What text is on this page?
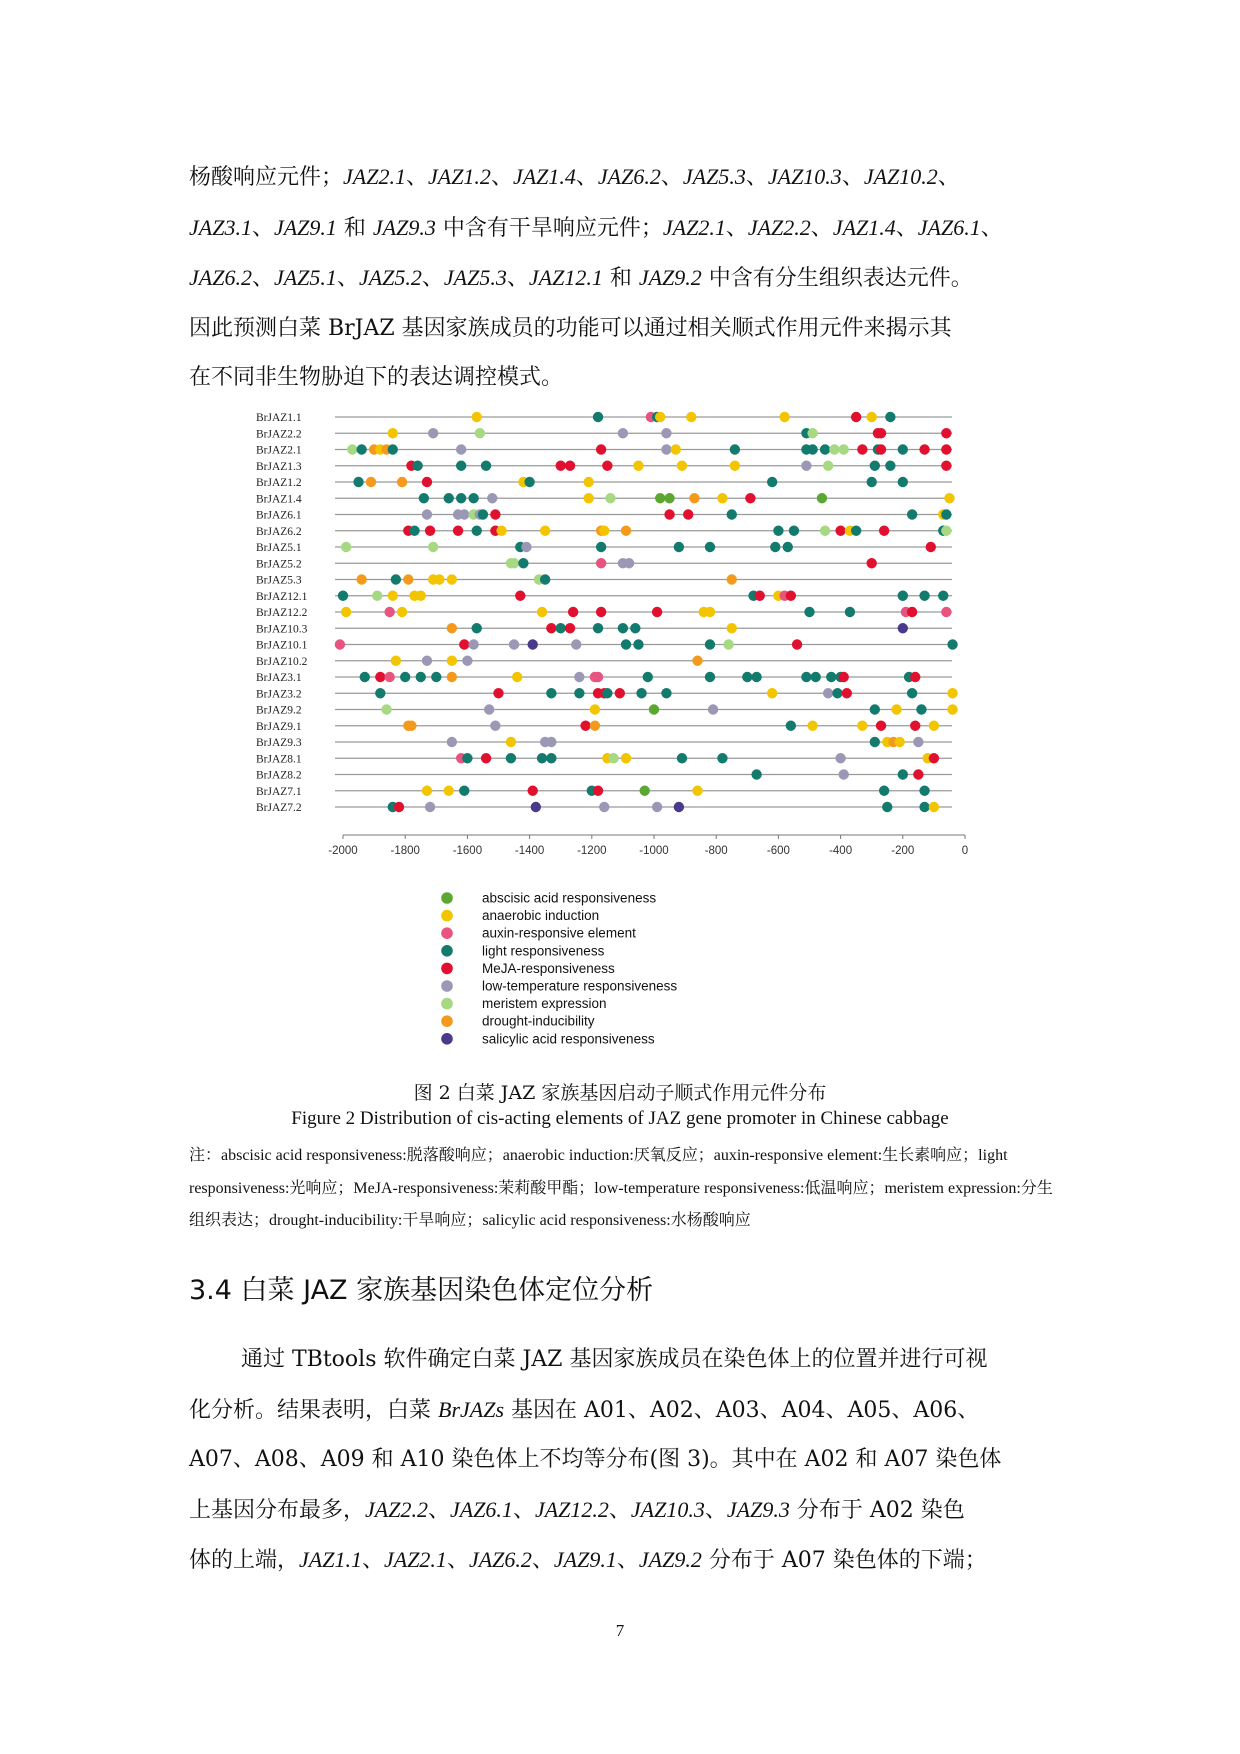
杨酸响应元件；JAZ2.1、JAZ1.2、JAZ1.4、JAZ6.2、JAZ5.3、JAZ10.3、JAZ10.2、
JAZ3.1、JAZ9.1 和 JAZ9.3 中含有干旱响应元件；JAZ2.1、JAZ2.2、JAZ1.4、JAZ6.1、
JAZ6.2、JAZ5.1、JAZ5.2、JAZ5.3、JAZ12.1 和 JAZ9.2 中含有分生组织表达元件。
因此预测白菜 BrJAZ 基因家族成员的功能可以通过相关顺式作用元件来揭示其
在不同非生物胁迫下的表达调控模式。
BrJAZ1.1
BrJAZ2.2
BrJAZ2.1
BrJAZ1.3
BrJAZ1.2
BrJAZ1.4
BrJAZ6.1
BrJAZ6.2
BrJAZ5.1
BrJAZ5.2
BrJAZ5.3
BrJAZ12.1
BrJAZ12.2
BrJAZ10.3
BrJAZ10.1
BrJAZ10.2
BrJAZ3.1
BrJAZ3.2
BrJAZ9.2
BrJAZ9.1
BrJAZ9.3
BrJAZ8.1
BrJAZ8.2
BrJAZ7.1
BrJAZ7.2
-2000	-1800	-1600	-1400	-1200	-1000	-800	-600	-400	-200	0
abscisic acid responsiveness
anaerobic induction
auxin-responsive element
light responsiveness
MeJA-responsiveness
low-temperature responsiveness
meristem expression
drought-inducibility
salicylic acid responsiveness
图 2 白菜 JAZ 家族基因启动子顺式作用元件分布
Figure 2 Distribution of cis-acting elements of JAZ gene promoter in Chinese cabbage

注：abscisic acid responsiveness:脱落酸响应；anaerobic induction:厌氧反应；auxin-responsive element:生长素响应；light responsiveness:光响应；MeJA-responsiveness:茉莉酸甲酯；low-temperature responsiveness:低温响应；meristem expression:分生组织表达；drought-inducibility:干旱响应；salicylic acid responsiveness:水杨酸响应

3.4 白菜 JAZ 家族基因染色体定位分析
通过 TBtools 软件确定白菜 JAZ 基因家族成员在染色体上的位置并进行可视
化分析。结果表明，白菜 BrJAZs 基因在 A01、A02、A03、A04、A05、A06、
A07、A08、A09 和 A10 染色体上不均等分布(图 3)。其中在 A02 和 A07 染色体
上基因分布最多，JAZ2.2、JAZ6.1、JAZ12.2、JAZ10.3、JAZ9.3 分布于 A02 染色
体的上端，JAZ1.1、JAZ2.1、JAZ6.2、JAZ9.1、JAZ9.2 分布于 A07 染色体的下端；
7
